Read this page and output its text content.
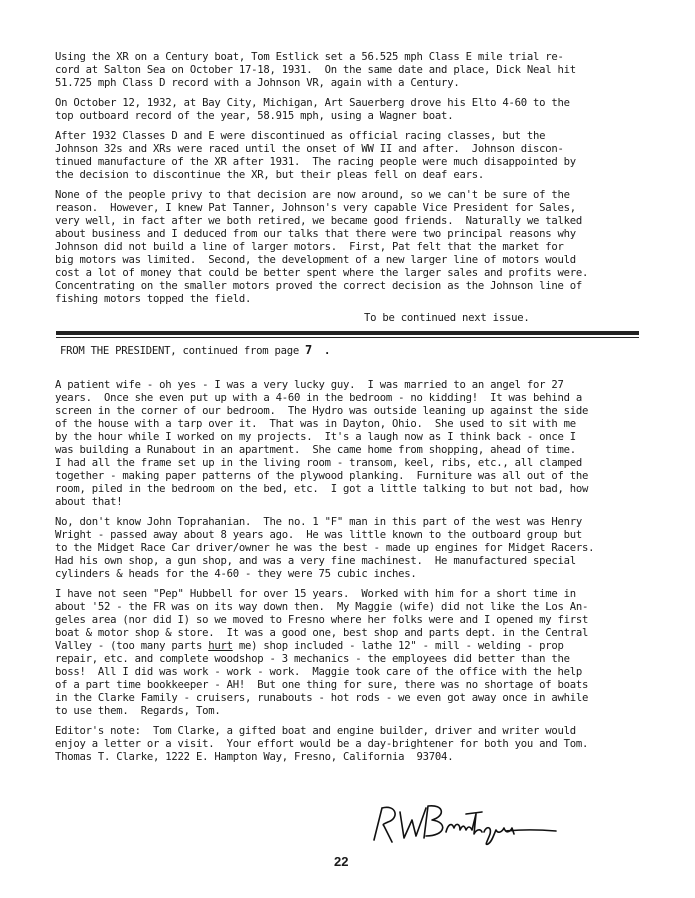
Using the XR on a Century boat, Tom Estlick set a 56.525 mph Class E mile trial re-
cord at Salton Sea on October 17-18, 1931.  On the same date and place, Dick Neal hit
51.725 mph Class D record with a Johnson VR, again with a Century.

On October 12, 1932, at Bay City, Michigan, Art Sauerberg drove his Elto 4-60 to the
top outboard record of the year, 58.915 mph, using a Wagner boat.

After 1932 Classes D and E were discontinued as official racing classes, but the
Johnson 32s and XRs were raced until the onset of WW II and after.  Johnson discon-
tinued manufacture of the XR after 1931.  The racing people were much disappointed by
the decision to discontinue the XR, but their pleas fell on deaf ears.

None of the people privy to that decision are now around, so we can't be sure of the
reason.  However, I knew Pat Tanner, Johnson's very capable Vice President for Sales,
very well, in fact after we both retired, we became good friends.  Naturally we talked
about business and I deduced from our talks that there were two principal reasons why
Johnson did not build a line of larger motors.  First, Pat felt that the market for
big motors was limited.  Second, the development of a new larger line of motors would
cost a lot of money that could be better spent where the larger sales and profits were.
Concentrating on the smaller motors proved the correct decision as the Johnson line of
fishing motors topped the field.

To be continued next issue.
FROM THE PRESIDENT, continued from page 7 .

A patient wife - oh yes - I was a very lucky guy.  I was married to an angel for 27
years.  Once she even put up with a 4-60 in the bedroom - no kidding!  It was behind a
screen in the corner of our bedroom.  The Hydro was outside leaning up against the side
of the house with a tarp over it.  That was in Dayton, Ohio.  She used to sit with me
by the hour while I worked on my projects.  It's a laugh now as I think back - once I
was building a Runabout in an apartment.  She came home from shopping, ahead of time.
I had all the frame set up in the living room - transom, keel, ribs, etc., all clamped
together - making paper patterns of the plywood planking.  Furniture was all out of the
room, piled in the bedroom on the bed, etc.  I got a little talking to but not bad, how
about that!

No, don't know John Toprahanian.  The no. 1 "F" man in this part of the west was Henry
Wright - passed away about 8 years ago.  He was little known to the outboard group but
to the Midget Race Car driver/owner he was the best - made up engines for Midget Racers.
Had his own shop, a gun shop, and was a very fine machinest.  He manufactured special
cylinders & heads for the 4-60 - they were 75 cubic inches.

I have not seen "Pep" Hubbell for over 15 years.  Worked with him for a short time in
about '52 - the FR was on its way down then.  My Maggie (wife) did not like the Los An-
geles area (nor did I) so we moved to Fresno where her folks were and I opened my first
boat & motor shop & store.  It was a good one, best shop and parts dept. in the Central
Valley - (too many parts hurt me) shop included - lathe 12" - mill - welding - prop
repair, etc. and complete woodshop - 3 mechanics - the employees did better than the
boss!  All I did was work - work - work.  Maggie took care of the office with the help
of a part time bookkeeper - AH!  But one thing for sure, there was no shortage of boats
in the Clarke Family - cruisers, runabouts - hot rods - we even got away once in awhile
to use them.  Regards, Tom.

Editor's note:  Tom Clarke, a gifted boat and engine builder, driver and writer would
enjoy a letter or a visit.  Your effort would be a day-brightener for both you and Tom.
Thomas T. Clarke, 1222 E. Hampton Way, Fresno, California  93704.

22
